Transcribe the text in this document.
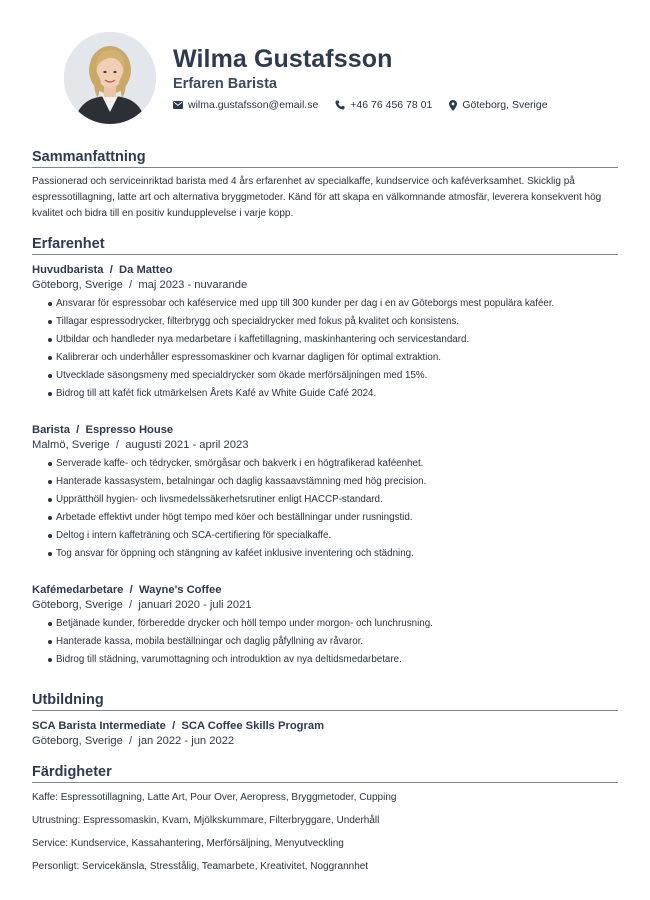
Wilma Gustafsson
Erfaren Barista
wilma.gustafsson@email.se	+46 76 456 78 01	Göteborg, Sverige
Sammanfattning

Passionerad och serviceinriktad barista med 4 års erfarenhet av specialkaffe, kundservice och kaféverksamhet. Skicklig på espressotillagning, latte art och alternativa bryggmetoder. Känd för att skapa en välkomnande atmosfär, leverera konsekvent hög kvalitet och bidra till en positiv kundupplevelse i varje kopp.

Erfarenhet

Huvudbarista  /  Da Matteo

Göteborg, Sverige  /  maj 2023 - nuvarande

Ansvarar för espressobar och kaféservice med upp till 300 kunder per dag i en av Göteborgs mest populära kaféer.
Tillagar espressodrycker, filterbrygg och specialdrycker med fokus på kvalitet och konsistens.
Utbildar och handleder nya medarbetare i kaffetillagning, maskinhantering och servicestandard.
Kalibrerar och underhåller espressomaskiner och kvarnar dagligen för optimal extraktion.
Utvecklade säsongsmeny med specialdrycker som ökade merförsäljningen med 15%.
Bidrog till att kafét fick utmärkelsen Årets Kafé av White Guide Café 2024.

Barista  /  Espresso House

Malmö, Sverige  /  augusti 2021 - april 2023

Serverade kaffe- och tédrycker, smörgåsar och bakverk i en högtrafikerad kaféenhet.
Hanterade kassasystem, betalningar och daglig kassaavstämning med hög precision.
Upprätthöll hygien- och livsmedelssäkerhetsrutiner enligt HACCP-standard.
Arbetade effektivt under högt tempo med köer och beställningar under rusningstid.
Deltog i intern kaffeträning och SCA-certifiering för specialkaffe.
Tog ansvar för öppning och stängning av kaféet inklusive inventering och städning.

Kafémedarbetare  /  Wayne's Coffee

Göteborg, Sverige  /  januari 2020 - juli 2021

Betjänade kunder, förberedde drycker och höll tempo under morgon- och lunchrusning.
Hanterade kassa, mobila beställningar och daglig påfyllning av råvaror.
Bidrog till städning, varumottagning och introduktion av nya deltidsmedarbetare.
Utbildning

SCA Barista Intermediate  /  SCA Coffee Skills Program

Göteborg, Sverige  /  jan 2022 - jun 2022

Färdigheter

Kaffe: Espressotillagning, Latte Art, Pour Over, Aeropress, Bryggmetoder, Cupping

Utrustning: Espressomaskin, Kvarn, Mjölkskummare, Filterbryggare, Underhåll

Service: Kundservice, Kassahantering, Merförsäljning, Menyutveckling

Personligt: Servicekänsla, Stresstålig, Teamarbete, Kreativitet, Noggrannhet
